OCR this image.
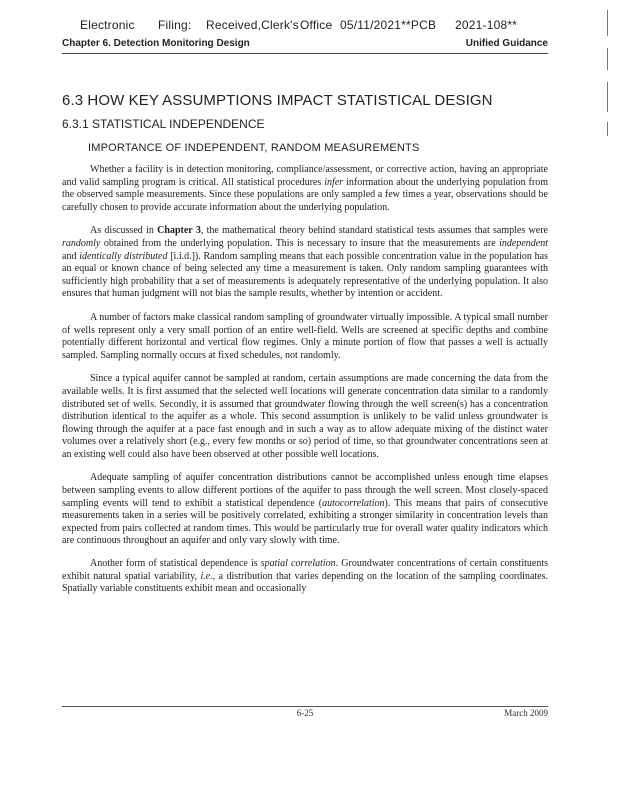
Electronic Filing: Received,Clerk's Office 05/11/2021**PCB 2021-108**
Chapter 6. Detection Monitoring Design	Unified Guidance
6.3 HOW KEY ASSUMPTIONS IMPACT STATISTICAL DESIGN
6.3.1 STATISTICAL INDEPENDENCE
IMPORTANCE OF INDEPENDENT, RANDOM MEASUREMENTS

Whether a facility is in detection monitoring, compliance/assessment, or corrective action, having an appropriate and valid sampling program is critical. All statistical procedures infer information about the underlying population from the observed sample measurements. Since these populations are only sampled a few times a year, observations should be carefully chosen to provide accurate information about the underlying population.

As discussed in Chapter 3, the mathematical theory behind standard statistical tests assumes that samples were randomly obtained from the underlying population. This is necessary to insure that the measurements are independent and identically distributed [i.i.d.]). Random sampling means that each possible concentration value in the population has an equal or known chance of being selected any time a measurement is taken. Only random sampling guarantees with sufficiently high probability that a set of measurements is adequately representative of the underlying population. It also ensures that human judgment will not bias the sample results, whether by intention or accident.

A number of factors make classical random sampling of groundwater virtually impossible. A typical small number of wells represent only a very small portion of an entire well-field. Wells are screened at specific depths and combine potentially different horizontal and vertical flow regimes. Only a minute portion of flow that passes a well is actually sampled. Sampling normally occurs at fixed schedules, not randomly.

Since a typical aquifer cannot be sampled at random, certain assumptions are made concerning the data from the available wells. It is first assumed that the selected well locations will generate concentration data similar to a randomly distributed set of wells. Secondly, it is assumed that groundwater flowing through the well screen(s) has a concentration distribution identical to the aquifer as a whole. This second assumption is unlikely to be valid unless groundwater is flowing through the aquifer at a pace fast enough and in such a way as to allow adequate mixing of the distinct water volumes over a relatively short (e.g., every few months or so) period of time, so that groundwater concentrations seen at an existing well could also have been observed at other possible well locations.

Adequate sampling of aquifer concentration distributions cannot be accomplished unless enough time elapses between sampling events to allow different portions of the aquifer to pass through the well screen. Most closely-spaced sampling events will tend to exhibit a statistical dependence (autocorrelation). This means that pairs of consecutive measurements taken in a series will be positively correlated, exhibiting a stronger similarity in concentration levels than expected from pairs collected at random times. This would be particularly true for overall water quality indicators which are continuous throughout an aquifer and only vary slowly with time.

Another form of statistical dependence is spatial correlation. Groundwater concentrations of certain constituents exhibit natural spatial variability, i.e., a distribution that varies depending on the location of the sampling coordinates. Spatially variable constituents exhibit mean and occasionally

6-25	March 2009
